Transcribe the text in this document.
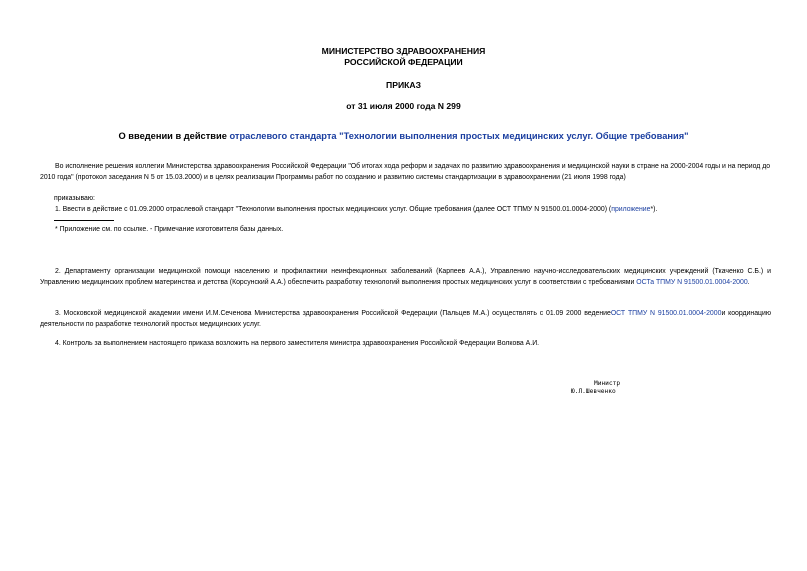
МИНИСТЕРСТВО ЗДРАВООХРАНЕНИЯ
РОССИЙСКОЙ ФЕДЕРАЦИИ
ПРИКАЗ
от 31 июля 2000 года N 299
О введении в действие отраслевого стандарта "Технологии выполнения простых медицинских услуг. Общие требования"
Во исполнение решения коллегии Министерства здравоохранения Российской Федерации "Об итогах хода реформ и задачах по развитию здравоохранения и медицинской науки в стране на 2000-2004 годы и на период до 2010 года" (протокол заседания N 5 от 15.03.2000) и в целях реализации Программы работ по созданию и развитию системы стандартизации в здравоохранении (21 июля 1998 года)
приказываю:
1. Ввести в действие с 01.09.2000 отраслевой стандарт "Технологии выполнения простых медицинских услуг. Общие требования (далее ОСТ ТПМУ N 91500.01.0004-2000) (приложение*).
* Приложение см. по ссылке. - Примечание изготовителя базы данных.
2. Департаменту организации медицинской помощи населению и профилактики неинфекционных заболеваний (Карпеев А.А.), Управлению научно-исследовательских медицинских учреждений (Ткаченко С.Б.) и Управлению медицинских проблем материнства и детства (Корсунский А.А.) обеспечить разработку технологий выполнения простых медицинских услуг в соответствии с требованиями ОСТа ТПМУ N 91500.01.0004-2000.
3. Московской медицинской академии имени И.М.Сеченова Министерства здравоохранения Российской Федерации (Пальцев М.А.) осуществлять с 01.09 2000 ведениеОСТ ТПМУ N 91500.01.0004-2000и координацию деятельности по разработке технологий простых медицинских услуг.
4. Контроль за выполнением настоящего приказа возложить на первого заместителя министра здравоохранения Российской Федерации Волкова А.И.
Министр
Ю.Л.Шевченко
